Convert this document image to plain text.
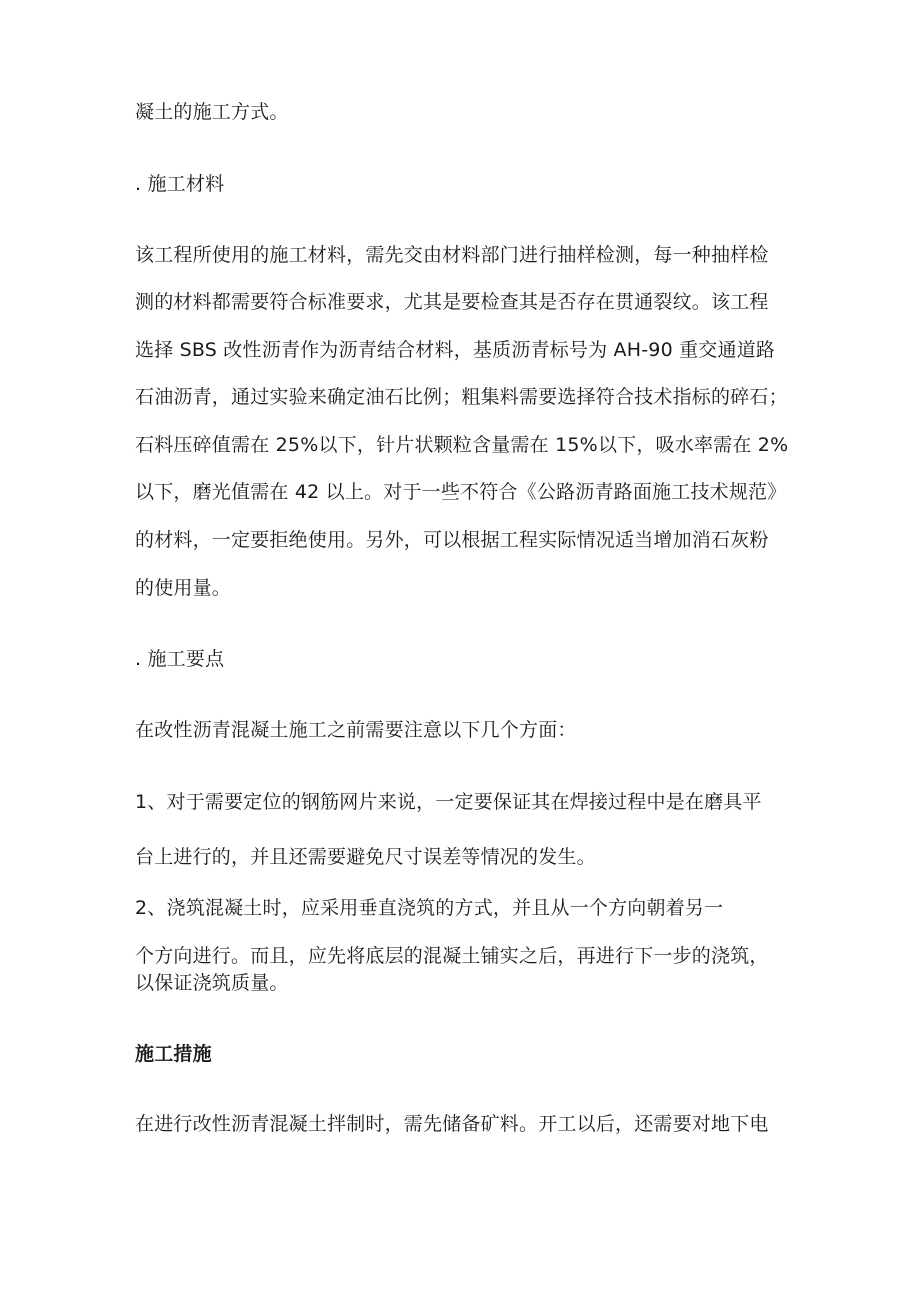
凝土的施工方式。
. 施工材料
该工程所使用的施工材料，需先交由材料部门进行抽样检测，每一种抽样检
测的材料都需要符合标准要求，尤其是要检查其是否存在贯通裂纹。该工程
选择 SBS 改性沥青作为沥青结合材料，基质沥青标号为 AH-90 重交通道路
石油沥青，通过实验来确定油石比例；粗集料需要选择符合技术指标的碎石；
石料压碎值需在 25%以下，针片状颗粒含量需在 15%以下，吸水率需在 2%
以下，磨光值需在 42 以上。对于一些不符合《公路沥青路面施工技术规范》
的材料，一定要拒绝使用。另外，可以根据工程实际情况适当增加消石灰粉
的使用量。
. 施工要点
在改性沥青混凝土施工之前需要注意以下几个方面：
1、对于需要定位的钢筋网片来说，一定要保证其在焊接过程中是在磨具平
台上进行的，并且还需要避免尺寸误差等情况的发生。
2、浇筑混凝土时，应采用垂直浇筑的方式，并且从一个方向朝着另一
个方向进行。而且，应先将底层的混凝土铺实之后，再进行下一步的浇筑，
以保证浇筑质量。
施工措施
在进行改性沥青混凝土拌制时，需先储备矿料。开工以后，还需要对地下电
